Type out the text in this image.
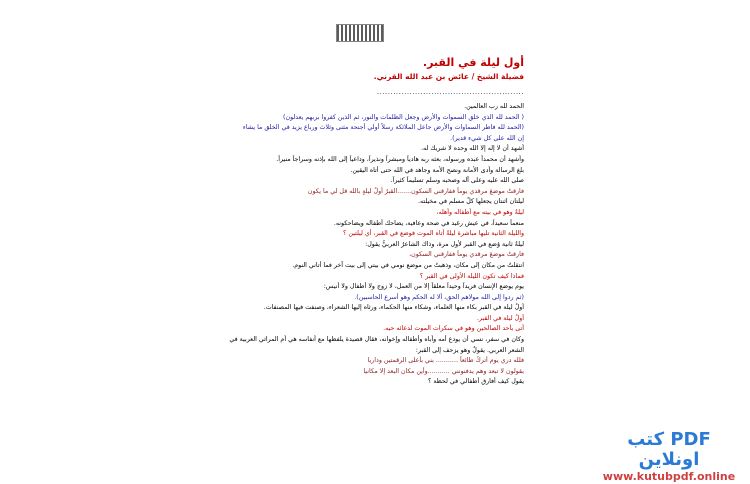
أول ليلة في القبر.
فضيلة الشيخ / عائض بن عبد الله القرني.
......................................................
الحمد لله رب العالمين.
( الحمد لله الذي خلق السموات والأرض وجعل الظلمات والنور، ثم الذين كفروا بربهم يعدلون)
(الحمد لله فاطر السماوات والأرض جاعل الملائكة رسلاً أولي أجنحة مثنى وثلاث ورباع يزيد في الخلق ما يشاء
إن الله على كل شيء قدير).
أشهد أن لا إله إلا الله وحده لا شريك له.
وأشهد أن محمداً عبده ورسوله، بعثه ربه هادياً ومبشراً ونذيراً، وداعياً إلى الله بإذنه وسراجاً منيراً.
بلغ الرسالة وأدى الأمانة ونصح الأمة وجاهد في الله حتى أتاه اليقين.
صلى الله عليه وعلى آله وصحبه وسلم تسليماً كثيراً.
فارقتُ موضعَ مرقدي يوماً ففارقني السكون.......القبرُ أولُ ليلةٍ بالله قل لي ما يكون
ليلتان اثنتان يجعلها كلُّ مسلم في مخيلته.
ليلةٌ وهو في بيته مع أطفاله وأهله،
منعماً سعيداً، في عيش رغيد في صحة وعافية، يضاحك أطفاله ويضاحكونه.
والليلة الثانية تليها مباشرة ليلةٌ أتاه الموت فوضع في القبر، أي ليلتين ؟
ليلةٌ ثانية وُضع في القبر لأول مرة، وذاك الشاعرُ العربيُّ يقول:
فارقتُ موضعَ مرقدي يوماً ففارقني السكون،
انتقلتُ من مكان إلى مكان، وذهبتُ من موضع نومي في بيتي إلى بيت آخر فما أتاني النوم.
فماذا كيف تكون الليلة الأولى في القبر ؟
يوم يوضع الإنسان فريداً وحيداً معلقاً إلا من العمل، لا زوج ولا أطفال ولا أنيس:
(ثم ردوا إلى الله مولاهم الحق، ألا له الحكم وهو أسرع الحاسبين).
أولُ ليلة في القبر بكاء منها العلماء، وشكاء منها الحكماء، ورثاه إليها الشعراء، وصنفت فيها المصنفات.
أولُ ليلة في القبر.
أتى بأحد الصالحين وهو في سكرات الموت لدعائه حيه.
وكان في سفر، نسي أن يودع أمه وأباه وأطفاله وإخوانه، فقال قصيدة يلفظها مع أنفاسه هي أم المراثي العربية في
الشعر العربي. يقولُ وهو يزحف إلى القبر:
فلله دري يوم أتركُ طائعاً ........... بني بأعلى الرقمتين وداريا
يقولون لا تبعد وهم يدفنونني ...........وأين مكان البعد إلا مكانيا
يقول كيف أفارق أطفالي في لحظة ؟
كتب PDF اونلاين
www.kutubpdf.online
